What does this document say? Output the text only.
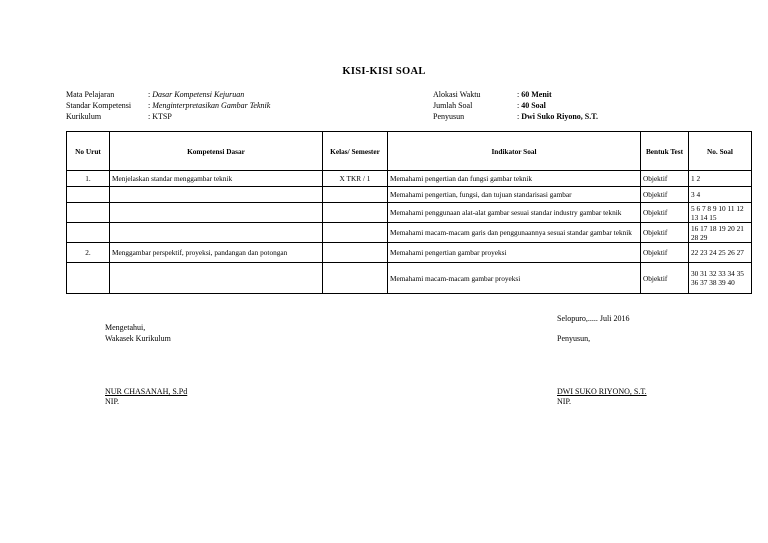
KISI-KISI SOAL
Mata Pelajaran	:
Dasar Kompetensi Kejuruan
Standar Kompetensi	:
Menginterpretasikan Gambar Teknik
Kurikulum	:
KTSP
Alokasi Waktu	:
60 Menit
Jumlah Soal	:
40 Soal
Penyusun	:
Dwi Suko Riyono, S.T.
No Urut	Kompetensi Dasar	Kelas/ Semester	Indikator Soal	Bentuk Test	No. Soal
1.	Menjelaskan standar menggambar teknik	X TKR / 1	Memahami pengertian dan fungsi gambar teknik	Objektif	1 2
			Memahami pengertian, fungsi, dan tujuan standarisasi gambar	Objektif	3 4
			Memahami penggunaan alat-alat gambar sesuai standar industry gambar teknik	Objektif	5 6 7 8 9 10 11 12 13 14 15
			Memahami macam-macam garis dan penggunaannya sesuai standar gambar teknik	Objektif	16 17 18 19 20 21 28 29
2.	Menggambar perspektif, proyeksi, pandangan dan potongan		Memahami pengertian gambar proyeksi	Objektif	22 23 24 25 26 27
			Memahami macam-macam gambar proyeksi	Objektif	30 31 32 33 34 35 36 37 38 39 40
Selopuro,..... Juli 2016
Penyusun,
Mengetahui,
Wakasek Kurikulum
NUR CHASANAH, S.Pd
NIP.
DWI SUKO RIYONO, S.T.
NIP.
